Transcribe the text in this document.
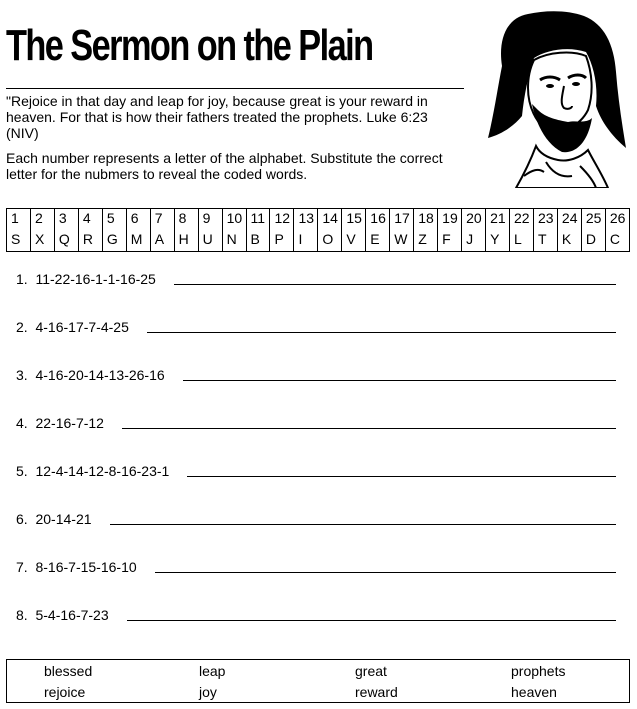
The Sermon on the Plain

"Rejoice in that day and leap for joy, because great is your reward in heaven. For that is how their fathers treated the prophets. Luke 6:23 (NIV)

Each number represents a letter of the alphabet. Substitute the correct letter for the nubmers to reveal the coded words.

1	2	3	4	5	6	7	8	9	10	11	12	13	14	15	16	17	18	19	20	21	22	23	24	25	26
S	X	Q	R	G	M	A	H	U	N	B	P	I	O	V	E	W	Z	F	J	Y	L	T	K	D	C
1.
11-22-16-1-1-16-25
2.
4-16-17-7-4-25
3.
4-16-20-14-13-26-16
4.
22-16-7-12
5.
12-4-14-12-8-16-23-1
6.
20-14-21
7.
8-16-7-15-16-10
8.
5-4-16-7-23
blessed	leap	great	prophets
rejoice	joy	reward	heaven
